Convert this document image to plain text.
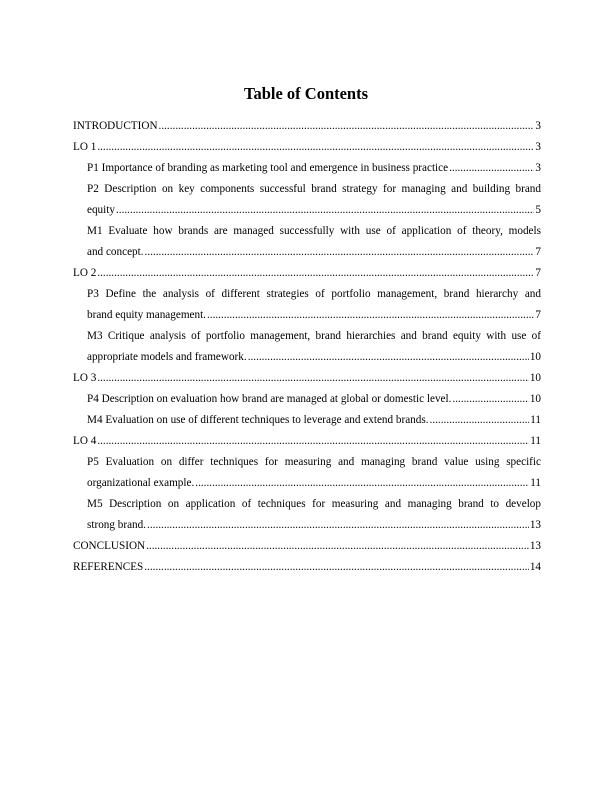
Table of Contents
INTRODUCTION .....	3
LO 1 .....	3
P1 Importance of branding as marketing tool and emergence in business practice .....	3
P2 Description on key components successful brand strategy for managing and building brand
equity .....	5
M1 Evaluate how brands are managed successfully with use of application of theory, models
and concept. .....	7
LO 2 .....	7
P3 Define the analysis of different strategies of portfolio management, brand hierarchy and
brand equity management. .....	7
M3 Critique analysis of portfolio management, brand hierarchies and brand equity with use of
appropriate models and framework. .....	10
LO 3 .....	10
P4 Description on evaluation how brand are managed at global or domestic level. .....	10
M4 Evaluation on use of different techniques to leverage and extend brands. .....	11
LO 4 .....	11
P5 Evaluation on differ techniques for measuring and managing brand value using specific
organizational example. .....	11
M5 Description on application of techniques for measuring and managing brand to develop
strong brand. .....	13
CONCLUSION .....	13
REFERENCES .....	14
